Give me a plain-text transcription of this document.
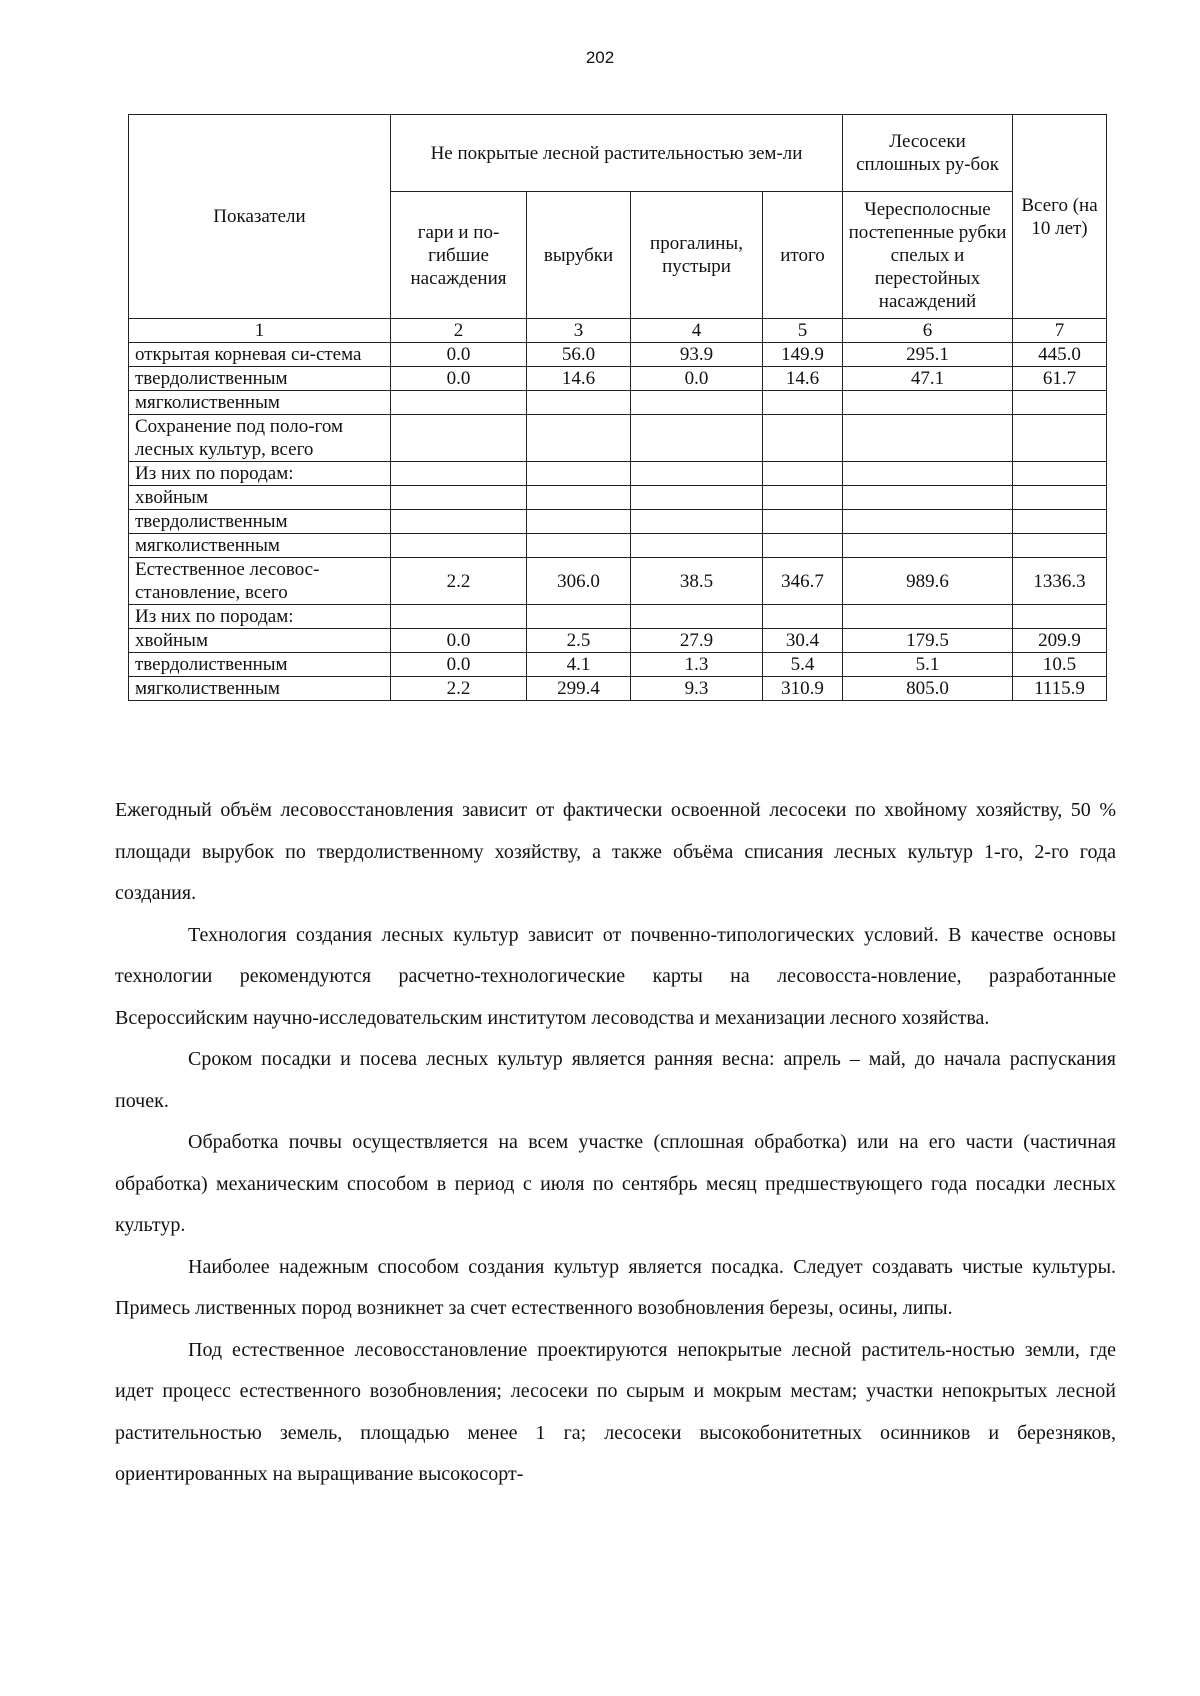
202
Показатели	Не покрытые лесной растительностью зем-ли				Лесосеки сплошных ру-бок	Всего (на 10 лет)
	гари и по-гибшие насаждения	вырубки	прогалины, пустыри	итого	Чересполосные постепенные рубки спелых и перестойных насаждений	
1	2	3	4	5	6	7
открытая корневая си-стема	0.0	56.0	93.9	149.9	295.1	445.0
твердолиственным	0.0	14.6	0.0	14.6	47.1	61.7
мягколиственным						
Сохранение под поло-гом лесных культур, всего						
Из них по породам:						
хвойным						
твердолиственным						
мягколиственным						
Естественное лесовос-становление, всего	2.2	306.0	38.5	346.7	989.6	1336.3
Из них по породам:						
хвойным	0.0	2.5	27.9	30.4	179.5	209.9
твердолиственным	0.0	4.1	1.3	5.4	5.1	10.5
мягколиственным	2.2	299.4	9.3	310.9	805.0	1115.9

Ежегодный объём лесовосстановления зависит от фактически освоенной лесосеки по хвойному хозяйству, 50 % площади вырубок по твердолиственному хозяйству, а также объёма списания лесных культур 1-го, 2-го года создания.

Технология создания лесных культур зависит от почвенно-типологических условий. В качестве основы технологии рекомендуются расчетно-технологические карты на лесовосста-новление, разработанные Всероссийским научно-исследовательским институтом лесоводства и механизации лесного хозяйства.

Сроком посадки и посева лесных культур является ранняя весна: апрель – май, до начала распускания почек.

Обработка почвы осуществляется на всем участке (сплошная обработка) или на его части (частичная обработка) механическим способом в период с июля по сентябрь месяц предшествующего года посадки лесных культур.

Наиболее надежным способом создания культур является посадка. Следует создавать чистые культуры. Примесь лиственных пород возникнет за счет естественного возобновления березы, осины, липы.

Под естественное лесовосстановление проектируются непокрытые лесной раститель-ностью земли, где идет процесс естественного возобновления; лесосеки по сырым и мокрым местам; участки непокрытых лесной растительностью земель, площадью менее 1 га; лесосеки высокобонитетных осинников и березняков, ориентированных на выращивание высокосорт-
